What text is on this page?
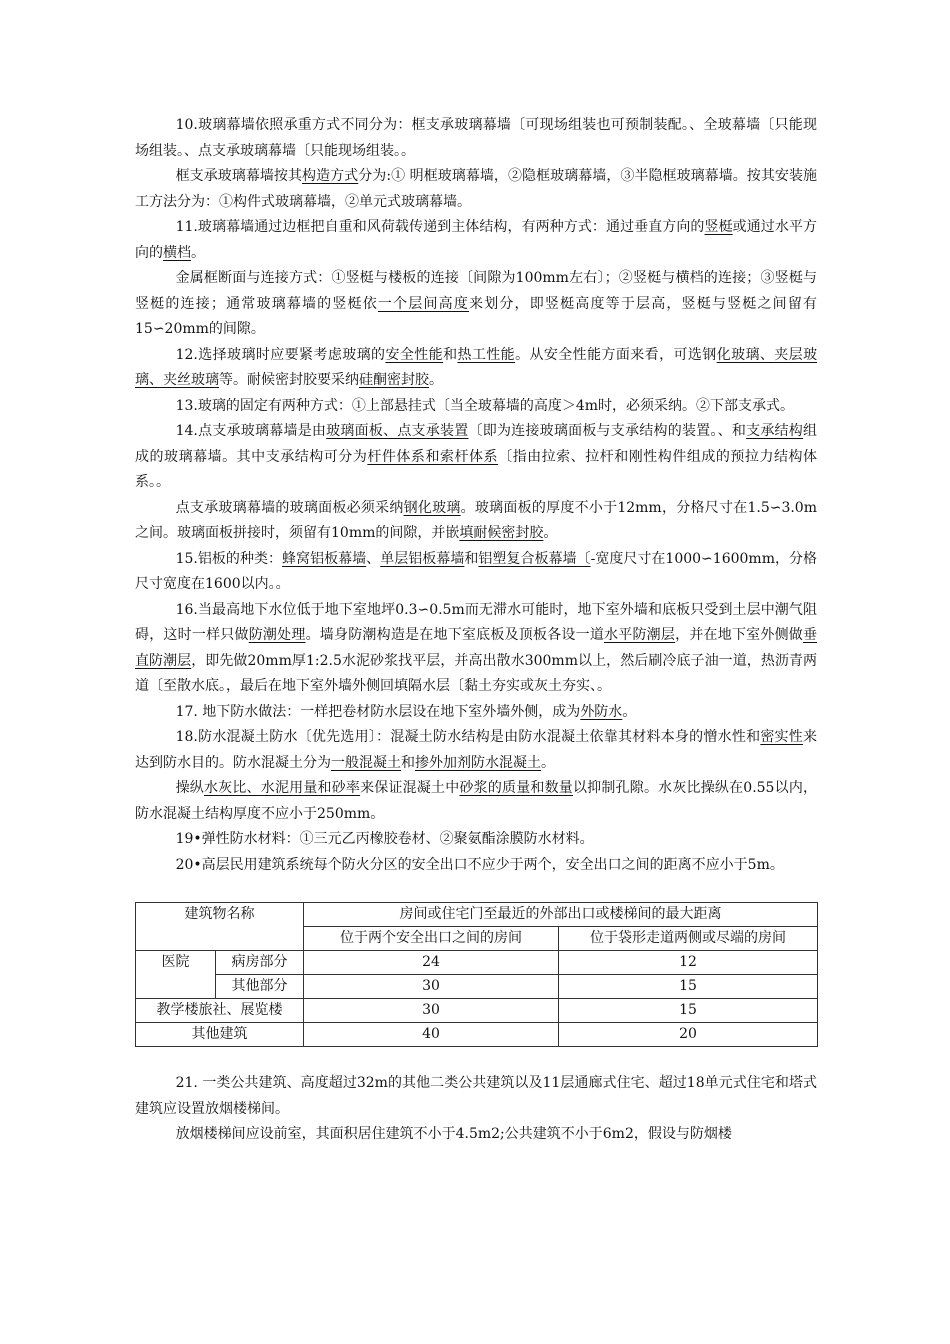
10.玻璃幕墙依照承重方式不同分为：框支承玻璃幕墙〔可现场组装也可预制装配。、全玻幕墙〔只能现场组装。、点支承玻璃幕墙〔只能现场组装。。

框支承玻璃幕墙按其构造方式分为:① 明框玻璃幕墙，②隐框玻璃幕墙，③半隐框玻璃幕墙。按其安装施工方法分为：①构件式玻璃幕墙，②单元式玻璃幕墙。

11.玻璃幕墙通过边框把自重和风荷载传递到主体结构，有两种方式：通过垂直方向的竖梃或通过水平方向的横档。

金属框断面与连接方式：①竖梃与楼板的连接〔间隙为100mm左右〕；②竖梃与横档的连接；③竖梃与竖梃的连接；通常玻璃幕墙的竖梃依一个层间高度来划分，即竖梃高度等于层高，竖梃与竖梃之间留有15∽20mm的间隙。

12.选择玻璃时应要紧考虑玻璃的安全性能和热工性能。从安全性能方面来看，可选钢化玻璃、夹层玻璃、夹丝玻璃等。耐候密封胶要采纳硅酮密封胶。

13.玻璃的固定有两种方式：①上部悬挂式〔当全玻幕墙的高度＞4m时，必须采纳。②下部支承式。

14.点支承玻璃幕墙是由玻璃面板、点支承装置〔即为连接玻璃面板与支承结构的装置。、和支承结构组成的玻璃幕墙。其中支承结构可分为杆件体系和索杆体系〔指由拉索、拉杆和刚性构件组成的预拉力结构体系。。

点支承玻璃幕墙的玻璃面板必须采纳钢化玻璃。玻璃面板的厚度不小于12mm，分格尺寸在1.5∽3.0m之间。玻璃面板拼接时，须留有10mm的间隙，并嵌填耐候密封胶。

15.铝板的种类：蜂窝铝板幕墙、单层铝板幕墙和铝塑复合板幕墙〔-宽度尺寸在1000∽1600mm，分格尺寸宽度在1600以内。。

16.当最高地下水位低于地下室地坪0.3∽0.5m而无滞水可能时，地下室外墙和底板只受到土层中潮气阻碍，这时一样只做防潮处理。墙身防潮构造是在地下室底板及顶板各设一道水平防潮层，并在地下室外侧做垂直防潮层，即先做20mm厚1:2.5水泥砂浆找平层，并高出散水300mm以上，然后刷冷底子油一道，热沥青两道〔至散水底。，最后在地下室外墙外侧回填隔水层〔黏土夯实或灰土夯实、。

17. 地下防水做法：一样把卷材防水层设在地下室外墙外侧，成为外防水。

18.防水混凝土防水〔优先选用〕：混凝土防水结构是由防水混凝土依靠其材料本身的憎水性和密实性来达到防水目的。防水混凝土分为一般混凝土和掺外加剂防水混凝土。

操纵水灰比、水泥用量和砂率来保证混凝土中砂浆的质量和数量以抑制孔隙。水灰比操纵在0.55以内，防水混凝土结构厚度不应小于250mm。

19•弹性防水材料：①三元乙丙橡胶卷材、②聚氨酯涂膜防水材料。

20•高层民用建筑系统每个防火分区的安全出口不应少于两个，安全出口之间的距离不应小于5m。

建筑物名称		房间或住宅门至最近的外部出口或楼梯间的最大距离	
		位于两个安全出口之间的房间	位于袋形走道两侧或尽端的房间
医院	病房部分	24	12
	其他部分	30	15
教学楼旅社、展览楼		30	15
其他建筑		40	20

21. 一类公共建筑、高度超过32m的其他二类公共建筑以及11层通廊式住宅、超过18单元式住宅和塔式建筑应设置放烟楼梯间。

放烟楼梯间应设前室，其面积居住建筑不小于4.5m2;公共建筑不小于6m2，假设与防烟楼
